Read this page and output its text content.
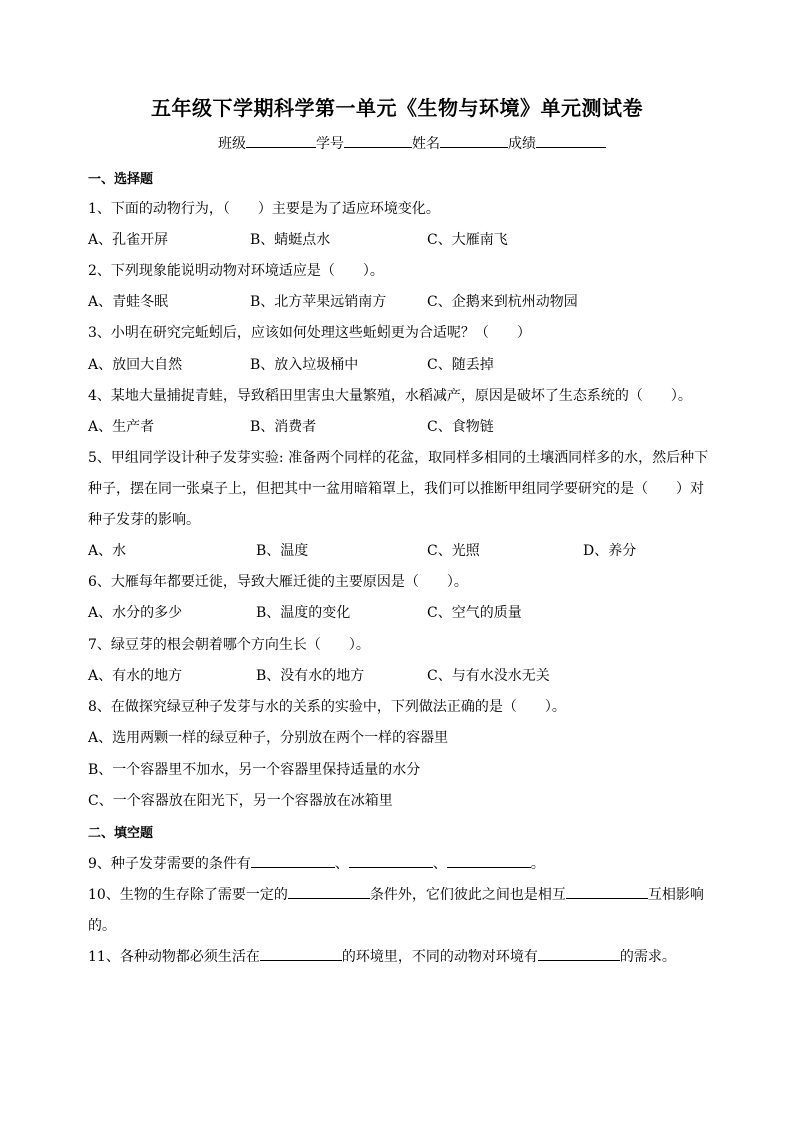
五年级下学期科学第一单元《生物与环境》单元测试卷
班级	学号	姓名	成绩
一、选择题
1、下面的动物行为，（　　）主要是为了适应环境变化。
A、孔雀开屏	B、蜻蜓点水	C、大雁南飞
2、下列现象能说明动物对环境适应是（　　）。
A、青蛙冬眠	B、北方苹果远销南方	C、企鹅来到杭州动物园
3、小明在研究完蚯蚓后，应该如何处理这些蚯蚓更为合适呢？（　　）
A、放回大自然	B、放入垃圾桶中	C、随丢掉
4、某地大量捕捉青蛙，导致稻田里害虫大量繁殖，水稻减产，原因是破坏了生态系统的（　　）。
A、生产者	B、消费者	C、食物链
5、甲组同学设计种子发芽实验: 准备两个同样的花盆，取同样多相同的土壤洒同样多的水，然后种下
种子，摆在同一张桌子上，但把其中一盆用暗箱罩上，我们可以推断甲组同学要研究的是（　　）对
种子发芽的影响。
A、水	B、温度	C、光照	D、养分
6、大雁每年都要迁徙，导致大雁迁徙的主要原因是（　　）。
A、水分的多少	B、温度的变化	C、空气的质量
7、绿豆芽的根会朝着哪个方向生长（　　）。
A、有水的地方	B、没有水的地方	C、与有水没水无关
8、在做探究绿豆种子发芽与水的关系的实验中，下列做法正确的是（　　）。
A、选用两颗一样的绿豆种子，分别放在两个一样的容器里
B、一个容器里不加水，另一个容器里保持适量的水分
C、一个容器放在阳光下，另一个容器放在冰箱里
二、填空题
9、种子发芽需要的条件有	、	、	。
10、生物的生存除了需要一定的	条件外，它们彼此之间也是相互	互相影响
的。
11、各种动物都必须生活在	的环境里，不同的动物对环境有	的需求。
